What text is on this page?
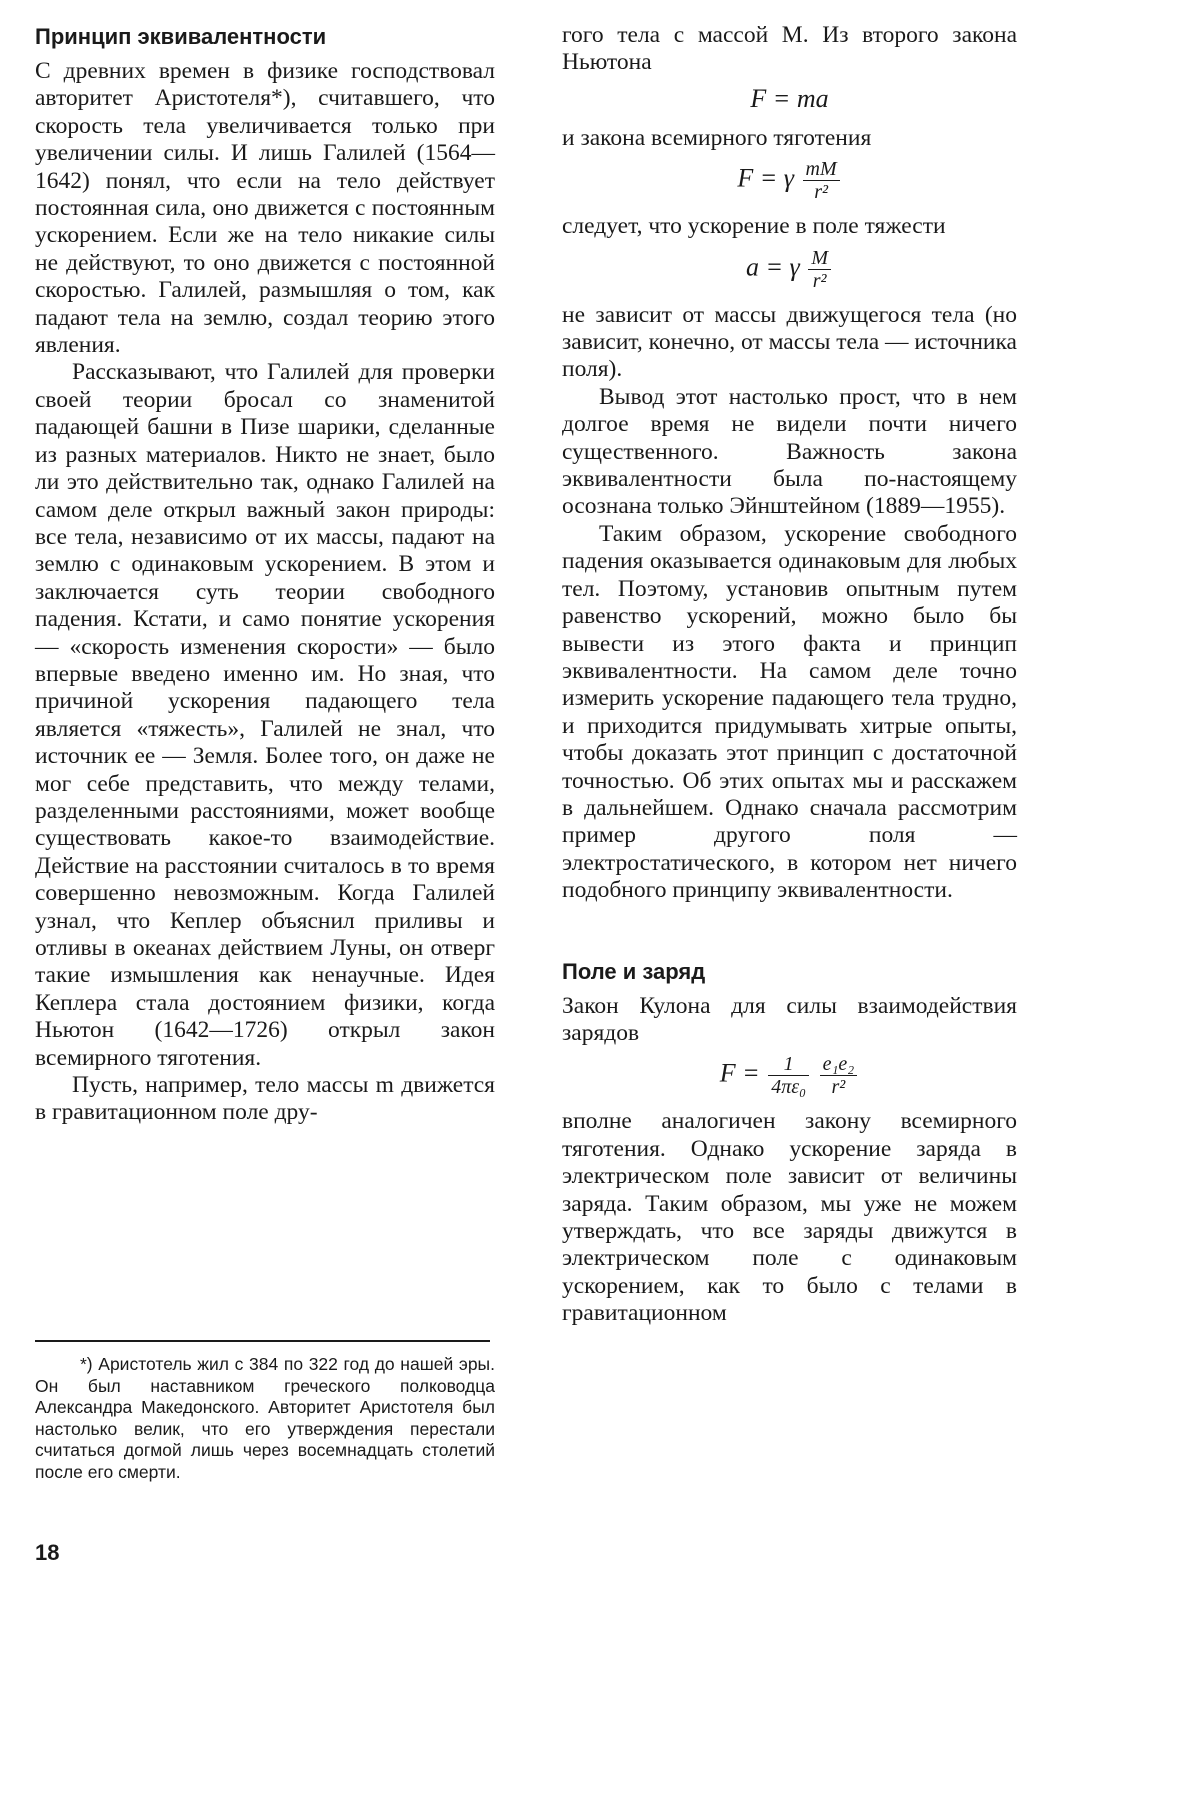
Принцип эквивалентности

С древних времен в физике господствовал авторитет Аристотеля*), считавшего, что скорость тела увеличивается только при увеличении силы. И лишь Галилей (1564—1642) понял, что если на тело действует постоянная сила, оно движется с постоянным ускорением. Если же на тело никакие силы не действуют, то оно движется с постоянной скоростью. Галилей, размышляя о том, как падают тела на землю, создал теорию этого явления.

Рассказывают, что Галилей для проверки своей теории бросал со знаменитой падающей башни в Пизе шарики, сделанные из разных материалов. Никто не знает, было ли это действительно так, однако Галилей на самом деле открыл важный закон природы: все тела, независимо от их массы, падают на землю с одинаковым ускорением. В этом и заключается суть теории свободного падения. Кстати, и само понятие ускорения — «скорость изменения скорости» — было впервые введено именно им. Но зная, что причиной ускорения падающего тела является «тяжесть», Галилей не знал, что источник ее — Земля. Более того, он даже не мог себе представить, что между телами, разделенными расстояниями, может вообще существовать какое-то взаимодействие. Действие на расстоянии считалось в то время совершенно невозможным. Когда Галилей узнал, что Кеплер объяснил приливы и отливы в океанах действием Луны, он отверг такие измышления как ненаучные. Идея Кеплера стала достоянием физики, когда Ньютон (1642—1726) открыл закон всемирного тяготения.

Пусть, например, тело массы m движется в гравитационном поле дру-

гого тела с массой M. Из второго закона Ньютона

F = ma

и закона всемирного тяготения

F = γ $\frac{mM}{\text{r²}}$

следует, что ускорение в поле тяжести

a = γ $\frac{M}{\text{r²}}$

не зависит от массы движущегося тела (но зависит, конечно, от массы тела — источника поля).

Вывод этот настолько прост, что в нем долгое время не видели почти ничего существенного. Важность закона эквивалентности была по-настоящему осознана только Эйнштейном (1889—1955).

Таким образом, ускорение свободного падения оказывается одинаковым для любых тел. Поэтому, установив опытным путем равенство ускорений, можно было бы вывести из этого факта и принцип эквивалентности. На самом деле точно измерить ускорение падающего тела трудно, и приходится придумывать хитрые опыты, чтобы доказать этот принцип с достаточной точностью. Об этих опытах мы и расскажем в дальнейшем. Однако сначала рассмотрим пример другого поля — электростатического, в котором нет ничего подобного принципу эквивалентности.

Поле и заряд

Закон Кулона для силы взаимодействия зарядов

$F = \frac{1}{\text{4πε₀}}$
$\frac{\text{e₁e₂}}{\text{r²}}$

вполне аналогичен закону всемирного тяготения. Однако ускорение заряда в электрическом поле зависит от величины заряда. Таким образом, мы уже не можем утверждать, что все заряды движутся в электрическом поле с одинаковым ускорением, как то было с телами в гравитационном

*) Аристотель жил с 384 по 322 год до нашей эры. Он был наставником греческого полководца Александра Македонского. Авторитет Аристотеля был настолько велик, что его утверждения перестали считаться догмой лишь через восемнадцать столетий после его смерти.
18
